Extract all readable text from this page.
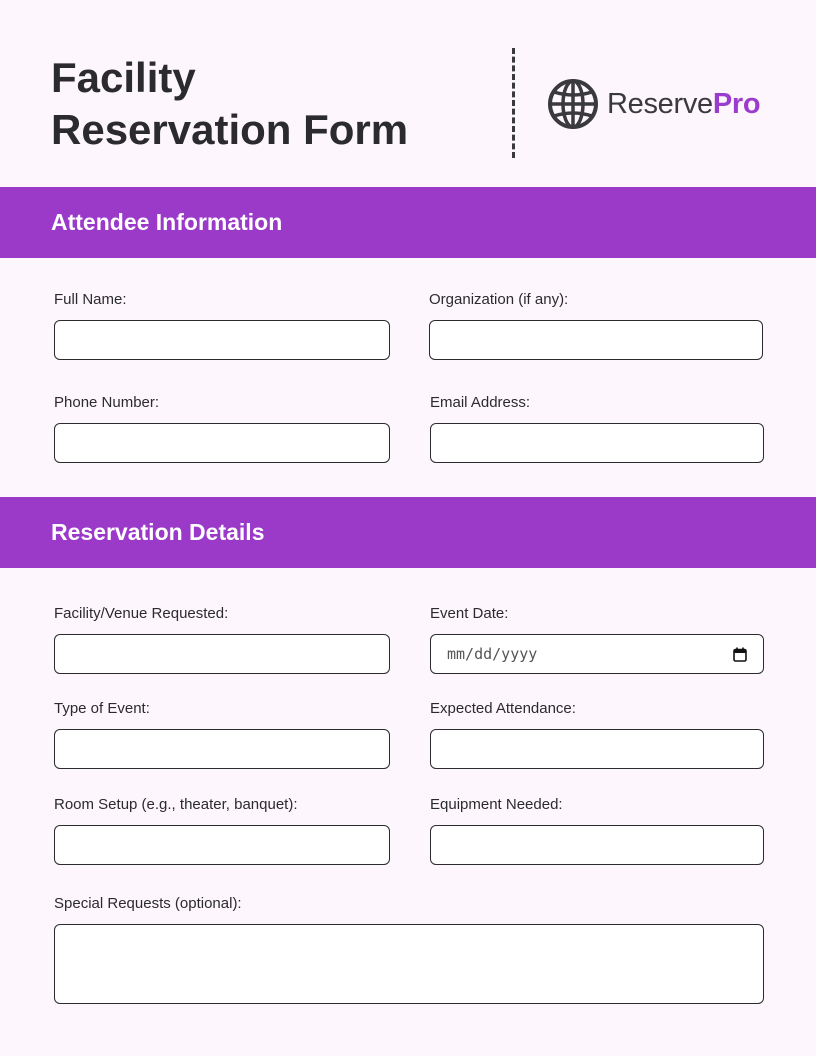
Facility
Reservation Form
ReservePro
Attendee Information
Full Name:	Organization (if any):
Phone Number:	Email Address:
Reservation Details
Facility/Venue Requested:	Event Date:
mm/dd/yyyy
Type of Event:	Expected Attendance:
Room Setup (e.g., theater, banquet):	Equipment Needed:
Special Requests (optional):
